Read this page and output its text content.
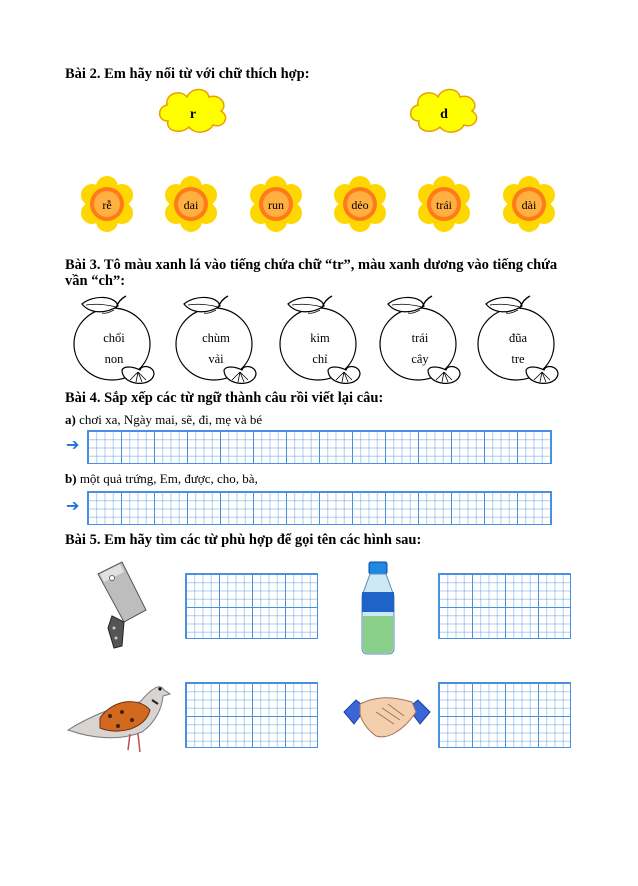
Bài 2. Em hãy nối từ với chữ thích hợp:
r	d
rễ	dai	run	dẻo	trái	dài
chổi
non
chùm
vải
kim
chỉ
trái
cây
đũa
tre
Bài 3. Tô màu xanh lá vào tiếng chứa chữ “tr”, màu xanh dương vào tiếng chứa
vần “ch”:
Bài 4. Sắp xếp các từ ngữ thành câu rồi viết lại câu:
a) chơi xa, Ngày mai, sẽ, đi, mẹ và bé
➔
b) một quả trứng, Em, được, cho, bà,
➔
Bài 5. Em hãy tìm các từ phù hợp để gọi tên các hình sau:
